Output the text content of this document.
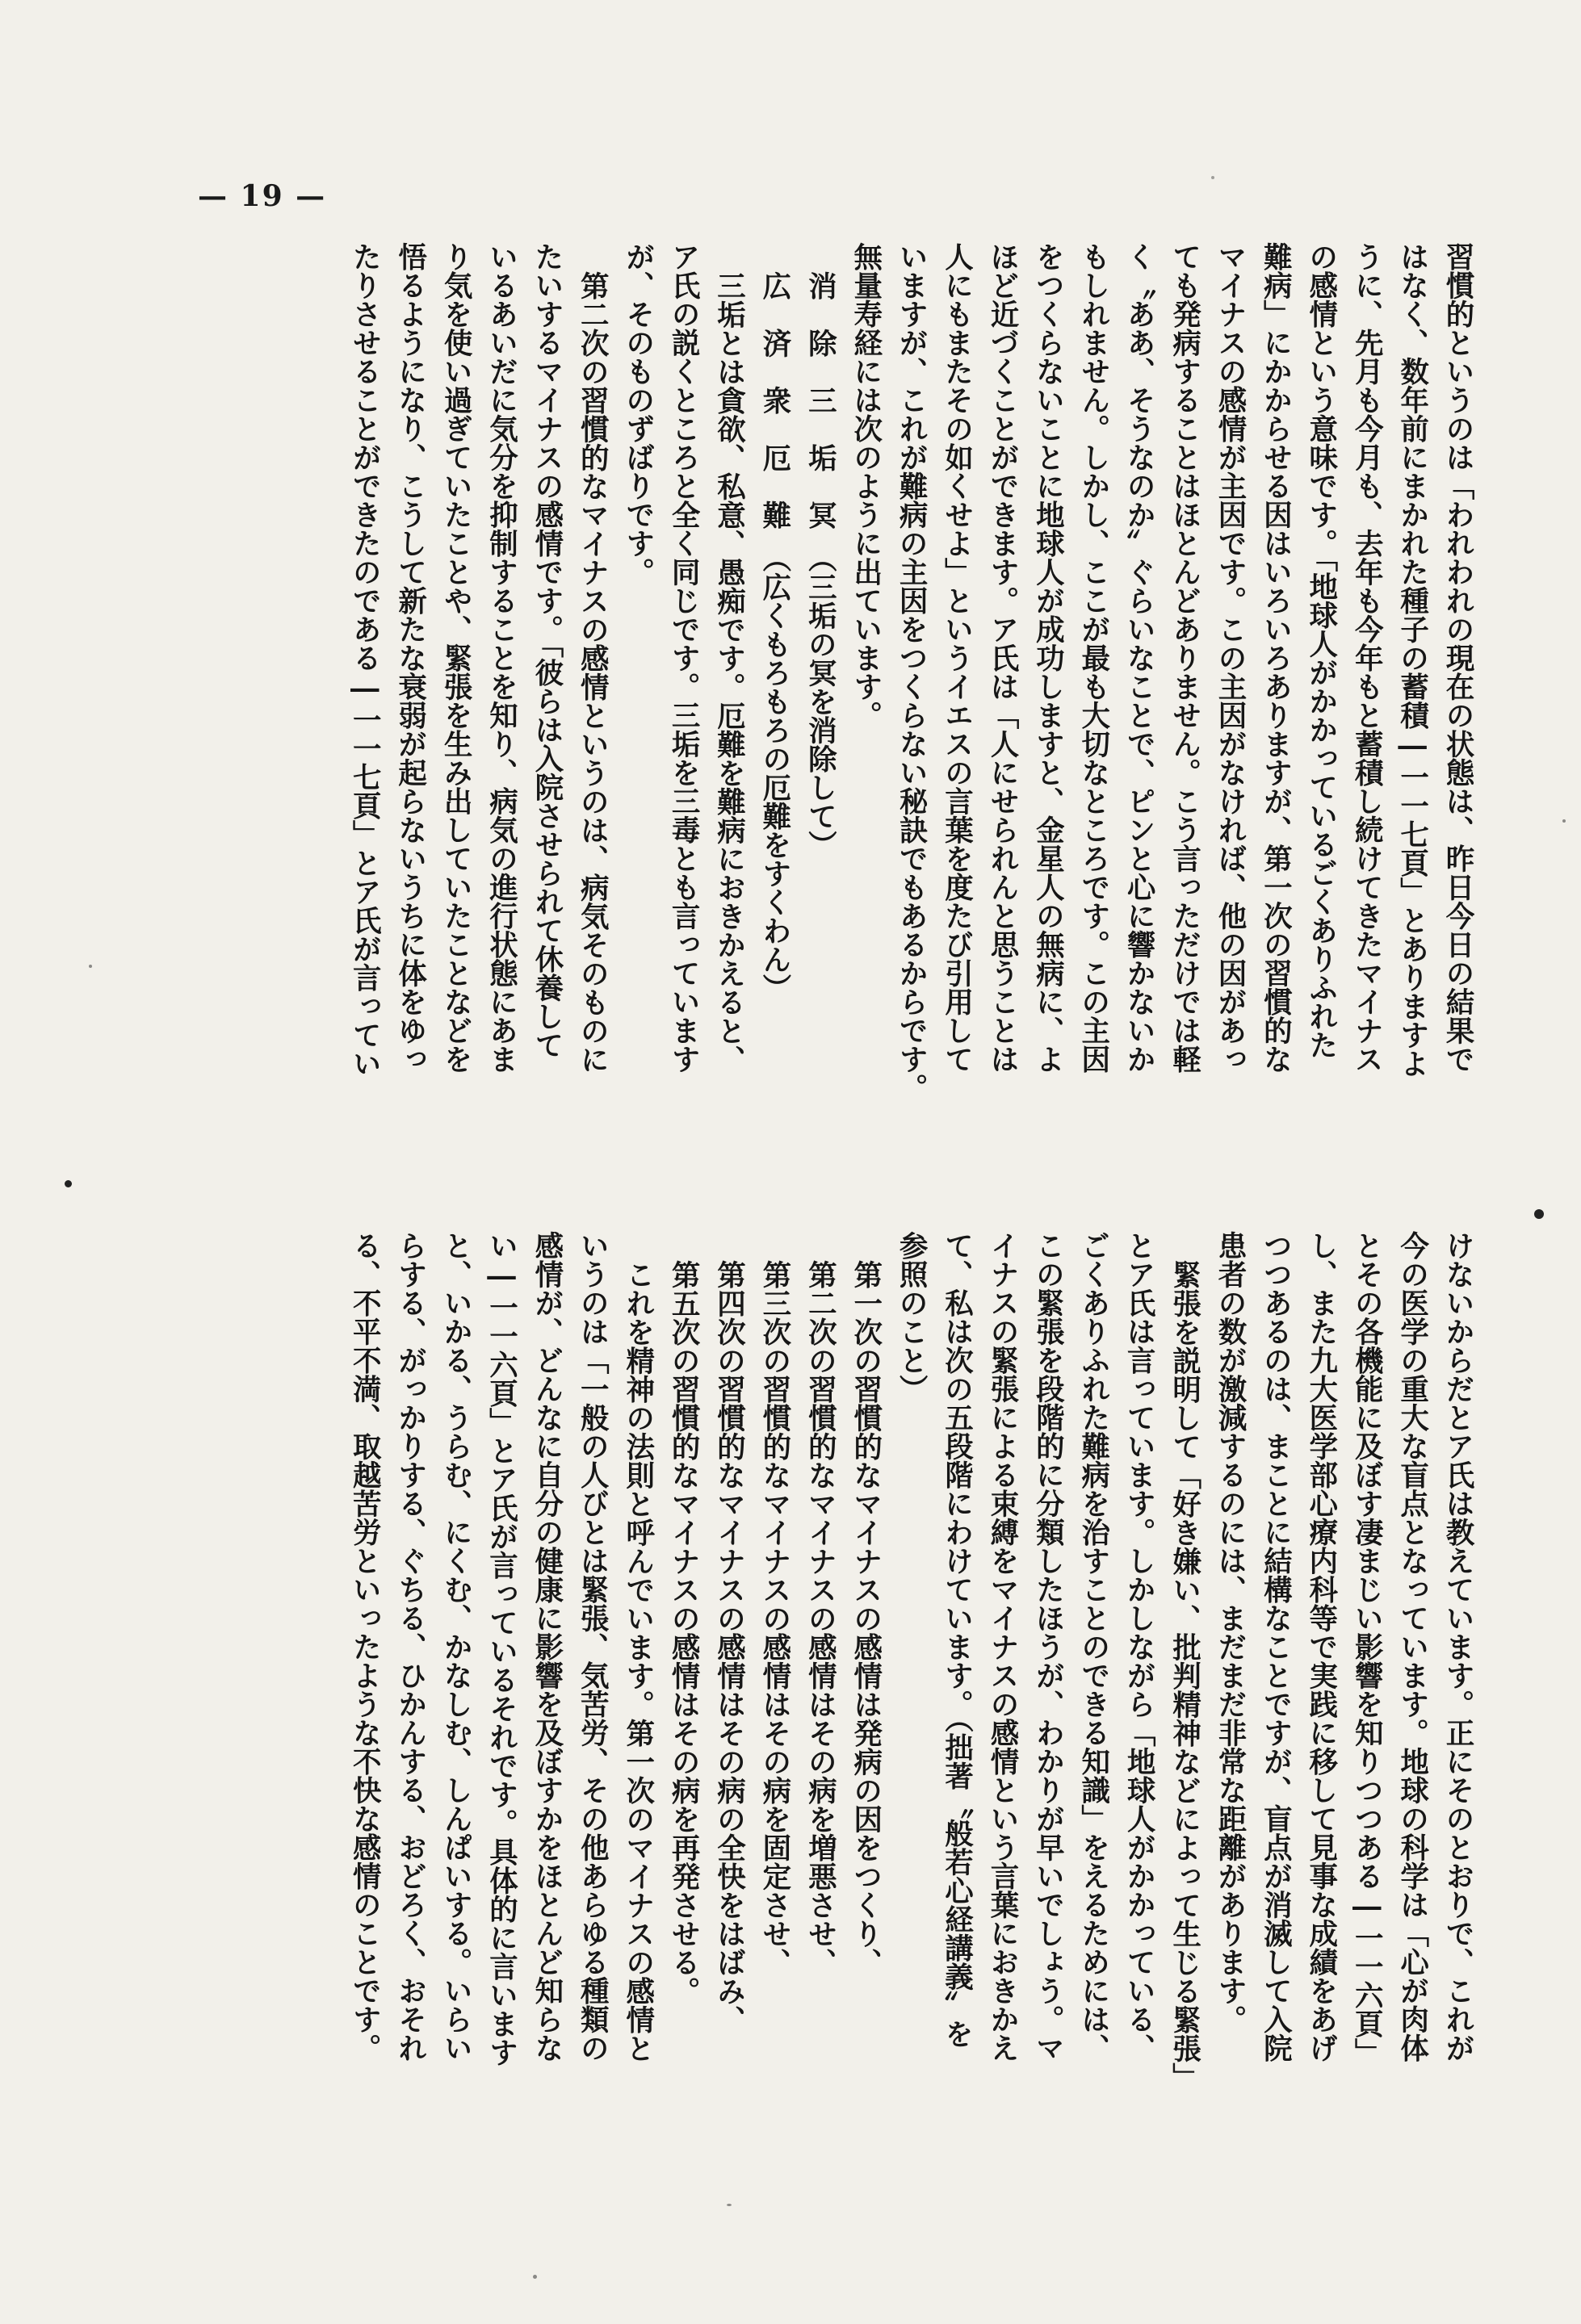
— 19 —
習慣的というのは「われわれの現在の状態は、昨日今日の結果で
はなく、数年前にまかれた種子の蓄積―一一七頁」とありますよ
うに、先月も今月も、去年も今年もと蓄積し続けてきたマイナス
の感情という意味です。「地球人がかかっているごくありふれた
難病」にかからせる因はいろいろありますが、第一次の習慣的な
マイナスの感情が主因です。この主因がなければ、他の因があっ
ても発病することはほとんどありません。こう言っただけでは軽
く〝ああ、そうなのか〟ぐらいなことで、ピンと心に響かないか
もしれません。しかし、ここが最も大切なところです。この主因
をつくらないことに地球人が成功しますと、金星人の無病に、よ
ほど近づくことができます。ア氏は「人にせられんと思うことは
人にもまたその如くせよ」というイエスの言葉を度たび引用して
いますが、これが難病の主因をつくらない秘訣でもあるからです。
無量寿経には次のように出ています。
消　除　三　垢　冥　（三垢の冥を消除して）
広　済　衆　厄　難　（広くもろもろの厄難をすくわん）
三垢とは貪欲、私意、愚痴です。厄難を難病におきかえると、
ア氏の説くところと全く同じです。三垢を三毒とも言っています
が、そのものずばりです。
第二次の習慣的なマイナスの感情というのは、病気そのものに
たいするマイナスの感情です。「彼らは入院させられて休養して
いるあいだに気分を抑制することを知り、病気の進行状態にあま
り気を使い過ぎていたことや、緊張を生み出していたことなどを
悟るようになり、こうして新たな衰弱が起らないうちに体をゆっ
たりさせることができたのである―一一七頁」とア氏が言ってい
けないからだとア氏は教えています。正にそのとおりで、これが
今の医学の重大な盲点となっています。地球の科学は「心が肉体
とその各機能に及ぼす凄まじい影響を知りつつある―一一六頁」
し、また九大医学部心療内科等で実践に移して見事な成績をあげ
つつあるのは、まことに結構なことですが、盲点が消滅して入院
患者の数が激減するのには、まだまだ非常な距離があります。
緊張を説明して「好き嫌い、批判精神などによって生じる緊張」
とア氏は言っています。しかしながら「地球人がかかっている、
ごくありふれた難病を治すことのできる知識」をえるためには、
この緊張を段階的に分類したほうが、わかりが早いでしょう。マ
イナスの緊張による束縛をマイナスの感情という言葉におきかえ
て、私は次の五段階にわけています。（拙著〝般若心経講義〟を
参照のこと）
第一次の習慣的なマイナスの感情は発病の因をつくり、
第二次の習慣的なマイナスの感情はその病を増悪させ、
第三次の習慣的なマイナスの感情はその病を固定させ、
第四次の習慣的なマイナスの感情はその病の全快をはばみ、
第五次の習慣的なマイナスの感情はその病を再発させる。
これを精神の法則と呼んでいます。第一次のマイナスの感情と
いうのは「一般の人びとは緊張、気苦労、その他あらゆる種類の
感情が、どんなに自分の健康に影響を及ぼすかをほとんど知らな
い―一一六頁」とア氏が言っているそれです。具体的に言います
と、いかる、うらむ、にくむ、かなしむ、しんぱいする。いらい
らする、がっかりする、ぐちる、ひかんする、おどろく、おそれ
る、不平不満、取越苦労といったような不快な感情のことです。
